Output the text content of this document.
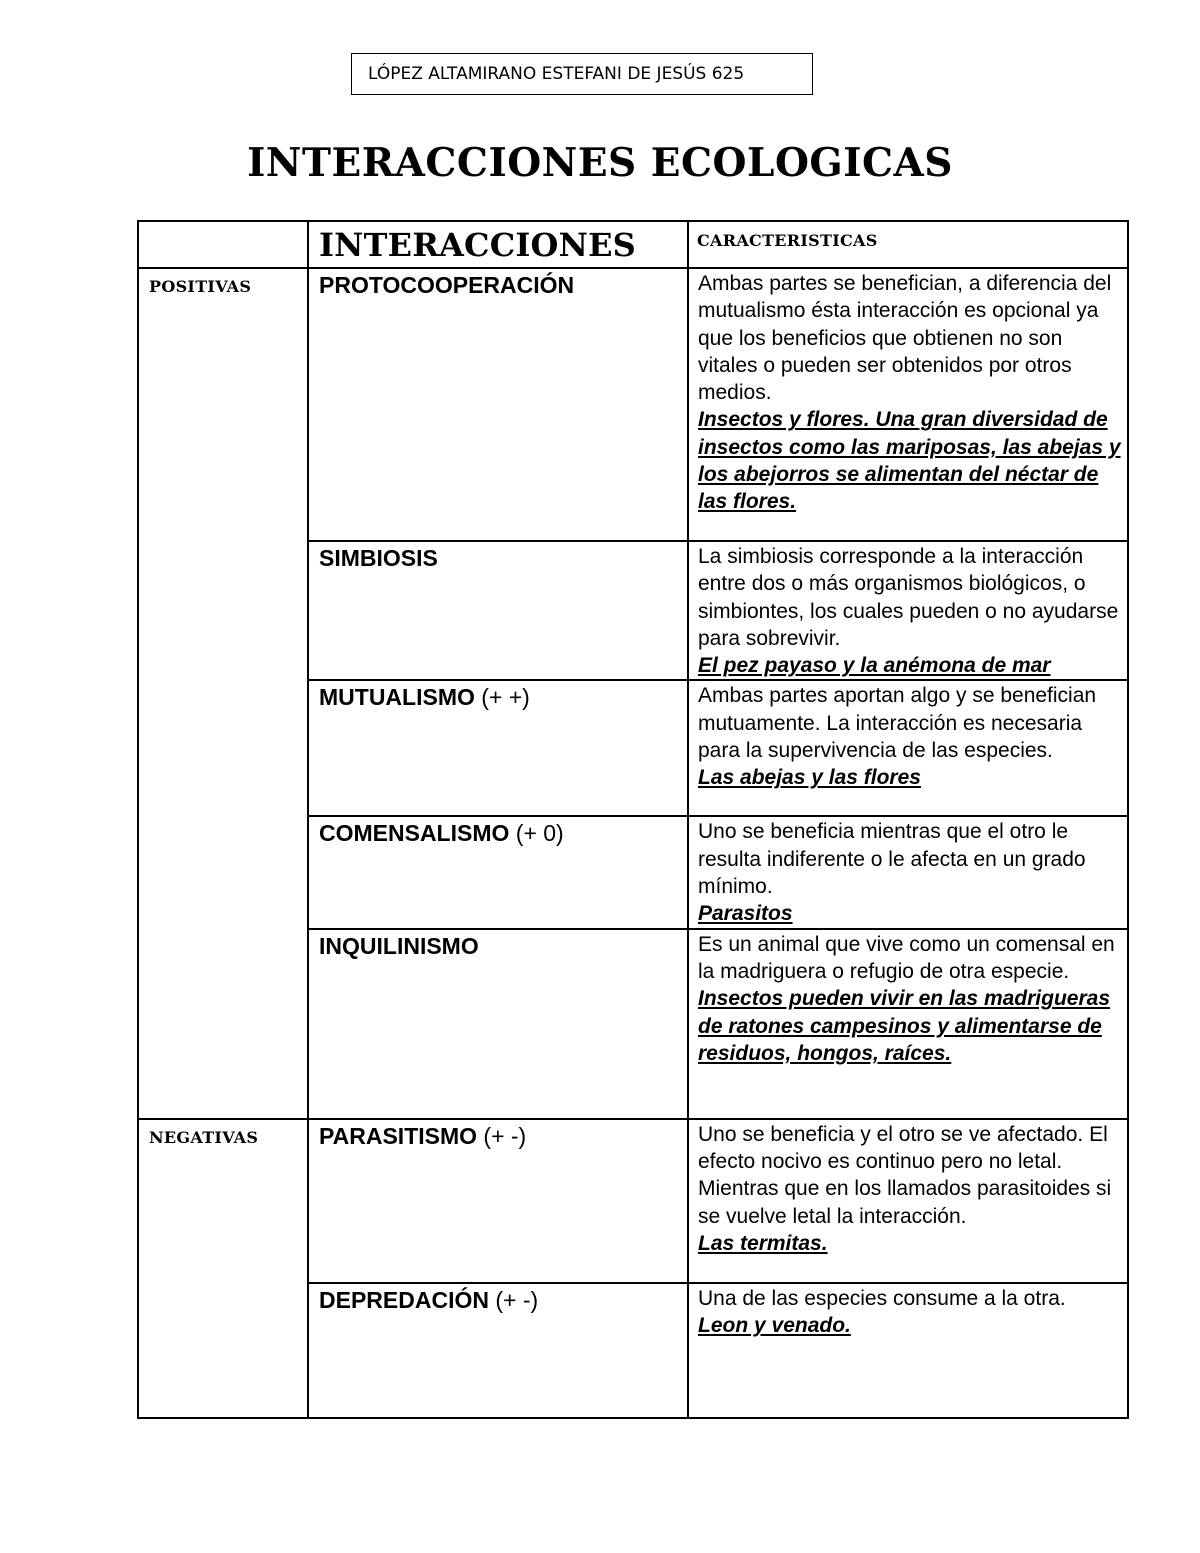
LÓPEZ ALTAMIRANO ESTEFANI DE JESÚS 625
INTERACCIONES ECOLOGICAS

	INTERACCIONES	CARACTERISTICAS

POSITIVAS	PROTOCOOPERACIÓN	Ambas partes se benefician, a diferencia del mutualismo ésta interacción es opcional ya que los beneficios que obtienen no son vitales o pueden ser obtenidos por otros medios.
Insectos y flores. Una gran diversidad de insectos como las mariposas, las abejas y los abejorros se alimentan del néctar de las flores.

	SIMBIOSIS	La simbiosis corresponde a la interacción entre dos o más organismos biológicos, o simbiontes, los cuales pueden o no ayudarse para sobrevivir.
El pez payaso y la anémona de mar

	MUTUALISMO (+ +)	Ambas partes aportan algo y se benefician mutuamente. La interacción es necesaria para la supervivencia de las especies.
Las abejas y las flores

	COMENSALISMO (+ 0)	Uno se beneficia mientras que el otro le resulta indiferente o le afecta en un grado mínimo.
Parasitos

	INQUILINISMO	Es un animal que vive como un comensal en la madriguera o refugio de otra especie.
Insectos pueden vivir en las madrigueras de ratones campesinos y alimentarse de residuos, hongos, raíces.

NEGATIVAS	PARASITISMO (+ -)	Uno se beneficia y el otro se ve afectado. El efecto nocivo es continuo pero no letal. Mientras que en los llamados parasitoides si se vuelve letal la interacción.
Las termitas.

	DEPREDACIÓN (+ -)	Una de las especies consume a la otra.
Leon y venado.
